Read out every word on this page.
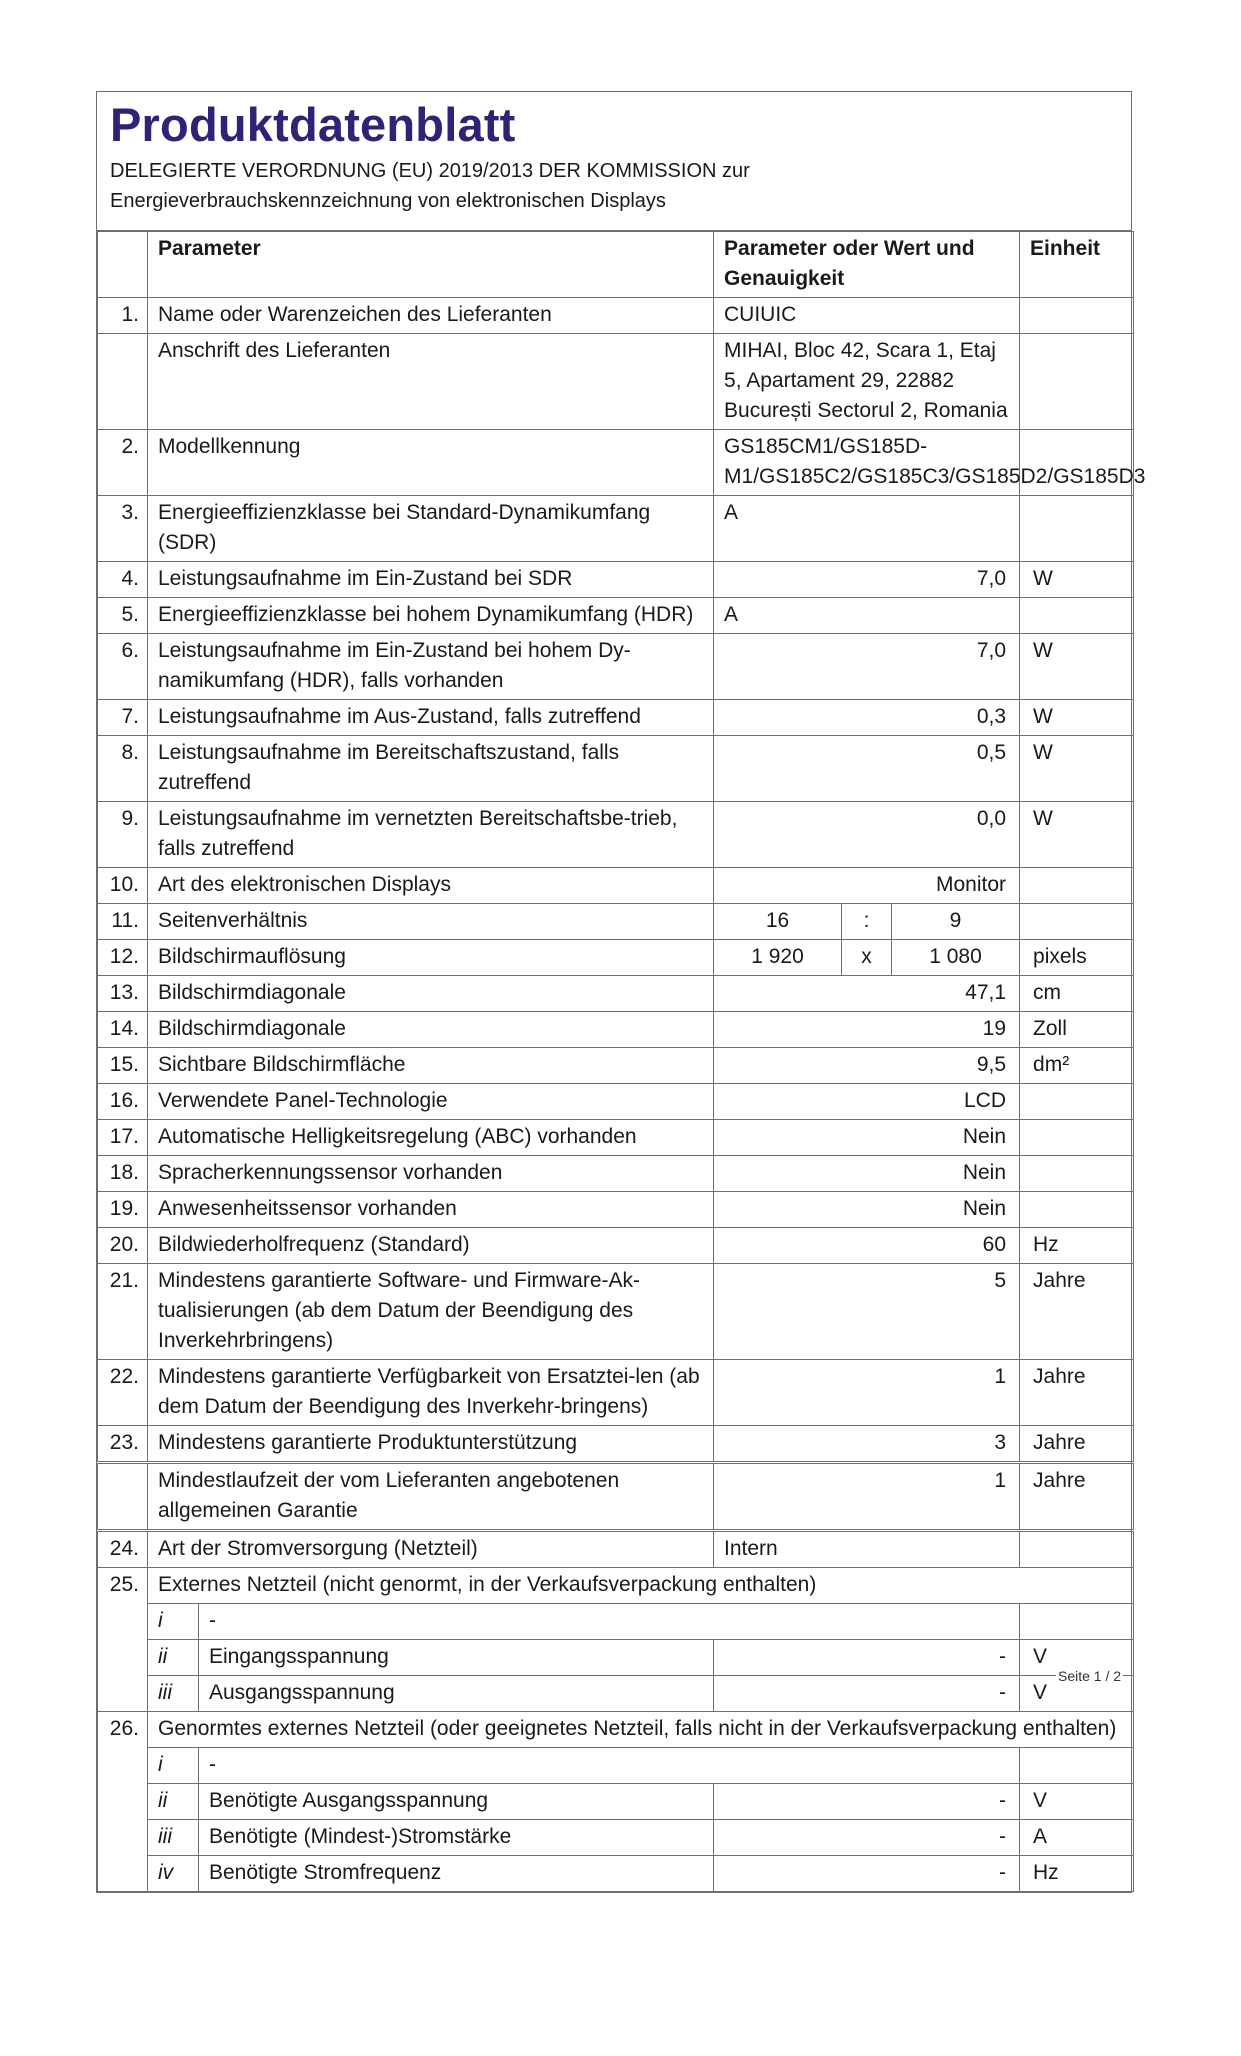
Produktdatenblatt
DELEGIERTE VERORDNUNG (EU) 2019/2013 DER KOMMISSION zur
Energieverbrauchskennzeichnung von elektronischen Displays
	Parameter		Parameter oder Wert und Genauigkeit			Einheit
1.	Name oder Warenzeichen des Lieferanten		CUIUIC			
	Anschrift des Lieferanten		MIHAI, Bloc 42, Scara 1, Etaj 5, Apartament 29, 22882 București Sectorul 2, Romania			
2.	Modellkennung		GS185CM1/GS185D-M1/GS185C2/GS185C3/GS185D2/GS185D3			
3.	Energieeffizienzklasse bei Standard-Dynamikumfang (SDR)		A			
4.	Leistungsaufnahme im Ein-Zustand bei SDR		7,0			W
5.	Energieeffizienzklasse bei hohem Dynamikumfang (HDR)		A			
6.	Leistungsaufnahme im Ein-Zustand bei hohem Dy-namikumfang (HDR), falls vorhanden		7,0			W
7.	Leistungsaufnahme im Aus-Zustand, falls zutreffend		0,3			W
8.	Leistungsaufnahme im Bereitschaftszustand, falls zutreffend		0,5			W
9.	Leistungsaufnahme im vernetzten Bereitschaftsbe-trieb, falls zutreffend		0,0			W
10.	Art des elektronischen Displays		Monitor			
11.	Seitenverhältnis		16	:	9	
12.	Bildschirmauflösung		1 920	x	1 080	pixels
13.	Bildschirmdiagonale		47,1			cm
14.	Bildschirmdiagonale		19			Zoll
15.	Sichtbare Bildschirmfläche		9,5			dm²
16.	Verwendete Panel-Technologie		LCD			
17.	Automatische Helligkeitsregelung (ABC) vorhanden		Nein			
18.	Spracherkennungssensor vorhanden		Nein			
19.	Anwesenheitssensor vorhanden		Nein			
20.	Bildwiederholfrequenz (Standard)		60			Hz
21.	Mindestens garantierte Software- und Firmware-Ak-tualisierungen (ab dem Datum der Beendigung des Inverkehrbringens)		5			Jahre
22.	Mindestens garantierte Verfügbarkeit von Ersatztei-len (ab dem Datum der Beendigung des Inverkehr-bringens)		1			Jahre
23.	Mindestens garantierte Produktunterstützung		3			Jahre
	Mindestlaufzeit der vom Lieferanten angebotenen allgemeinen Garantie		1			Jahre
24.	Art der Stromversorgung (Netzteil)		Intern			
25.	Externes Netzteil (nicht genormt, in der Verkaufsverpackung enthalten)					
	i	-				
	ii	Eingangsspannung	-			V
	iii	Ausgangsspannung	-			V
26.	Genormtes externes Netzteil (oder geeignetes Netzteil, falls nicht in der Verkaufsverpackung enthalten)					
	i	-				
	ii	Benötigte Ausgangsspannung	-			V
	iii	Benötigte (Mindest-)Stromstärke	-			A
	iv	Benötigte Stromfrequenz	-			Hz
Seite 1 / 2
